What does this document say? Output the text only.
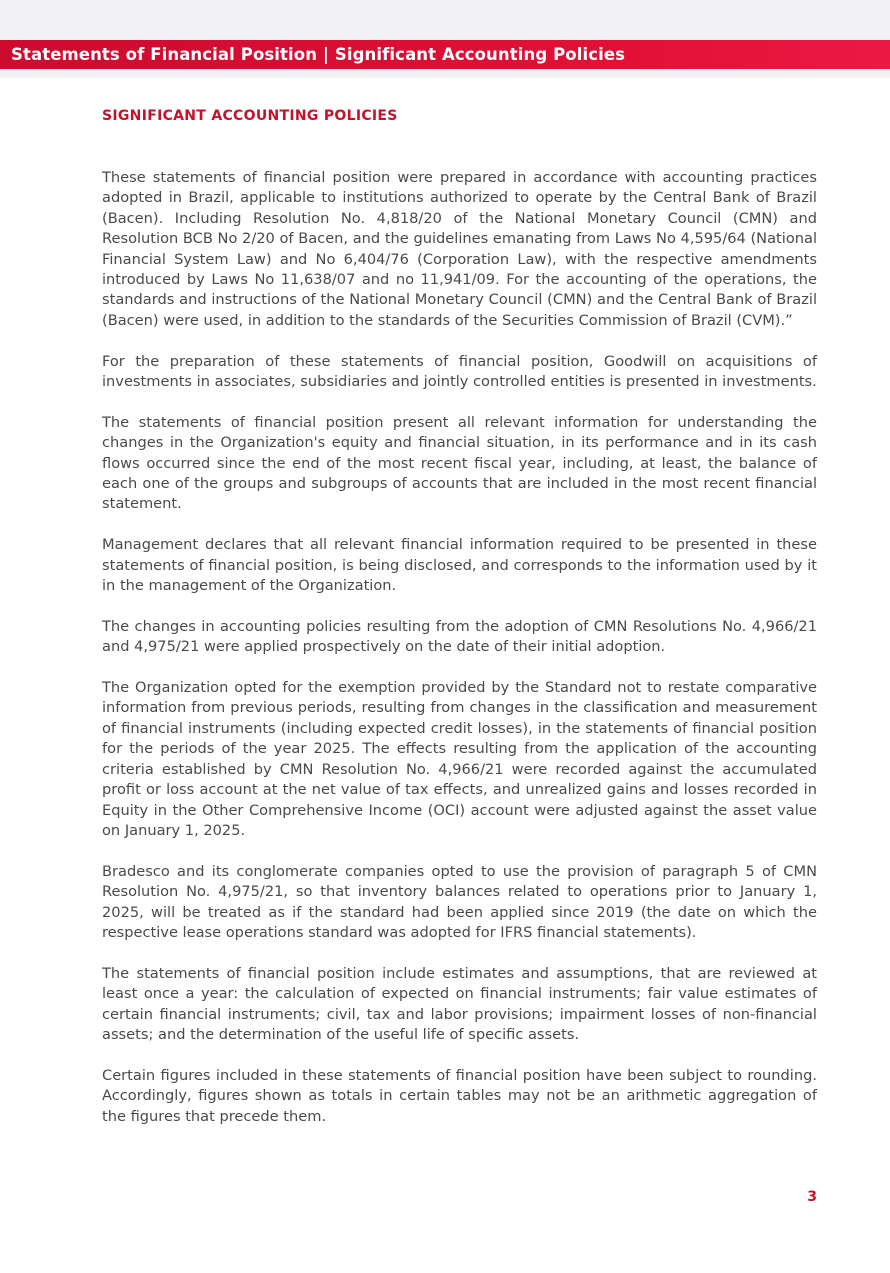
Statements of Financial Position | Significant Accounting Policies
SIGNIFICANT ACCOUNTING POLICIES

These statements of financial position were prepared in accordance with accounting practices adopted in Brazil, applicable to institutions authorized to operate by the Central Bank of Brazil (Bacen). Including Resolution No. 4,818/20 of the National Monetary Council (CMN) and Resolution BCB No 2/20 of Bacen, and the guidelines emanating from Laws No 4,595/64 (National Financial System Law) and No 6,404/76 (Corporation Law), with the respective amendments introduced by Laws No 11,638/07 and no 11,941/09. For the accounting of the operations, the standards and instructions of the National Monetary Council (CMN) and the Central Bank of Brazil (Bacen) were used, in addition to the standards of the Securities Commission of Brazil (CVM).”

For the preparation of these statements of financial position, Goodwill on acquisitions of investments in associates, subsidiaries and jointly controlled entities is presented in investments.

The statements of financial position present all relevant information for understanding the changes in the Organization's equity and financial situation, in its performance and in its cash flows occurred since the end of the most recent fiscal year, including, at least, the balance of each one of the groups and subgroups of accounts that are included in the most recent financial statement.

Management declares that all relevant financial information required to be presented in these statements of financial position, is being disclosed, and corresponds to the information used by it in the management of the Organization.

The changes in accounting policies resulting from the adoption of CMN Resolutions No. 4,966/21 and 4,975/21 were applied prospectively on the date of their initial adoption.

The Organization opted for the exemption provided by the Standard not to restate comparative information from previous periods, resulting from changes in the classification and measurement of financial instruments (including expected credit losses), in the statements of financial position for the periods of the year 2025. The effects resulting from the application of the accounting criteria established by CMN Resolution No. 4,966/21 were recorded against the accumulated profit or loss account at the net value of tax effects, and unrealized gains and losses recorded in Equity in the Other Comprehensive Income (OCI) account were adjusted against the asset value on January 1, 2025.

Bradesco and its conglomerate companies opted to use the provision of paragraph 5 of CMN Resolution No. 4,975/21, so that inventory balances related to operations prior to January 1, 2025, will be treated as if the standard had been applied since 2019 (the date on which the respective lease operations standard was adopted for IFRS financial statements).

The statements of financial position include estimates and assumptions, that are reviewed at least once a year: the calculation of expected on financial instruments; fair value estimates of certain financial instruments; civil, tax and labor provisions; impairment losses of non-financial assets; and the determination of the useful life of specific assets.

Certain figures included in these statements of financial position have been subject to rounding. Accordingly, figures shown as totals in certain tables may not be an arithmetic aggregation of the figures that precede them.

3
